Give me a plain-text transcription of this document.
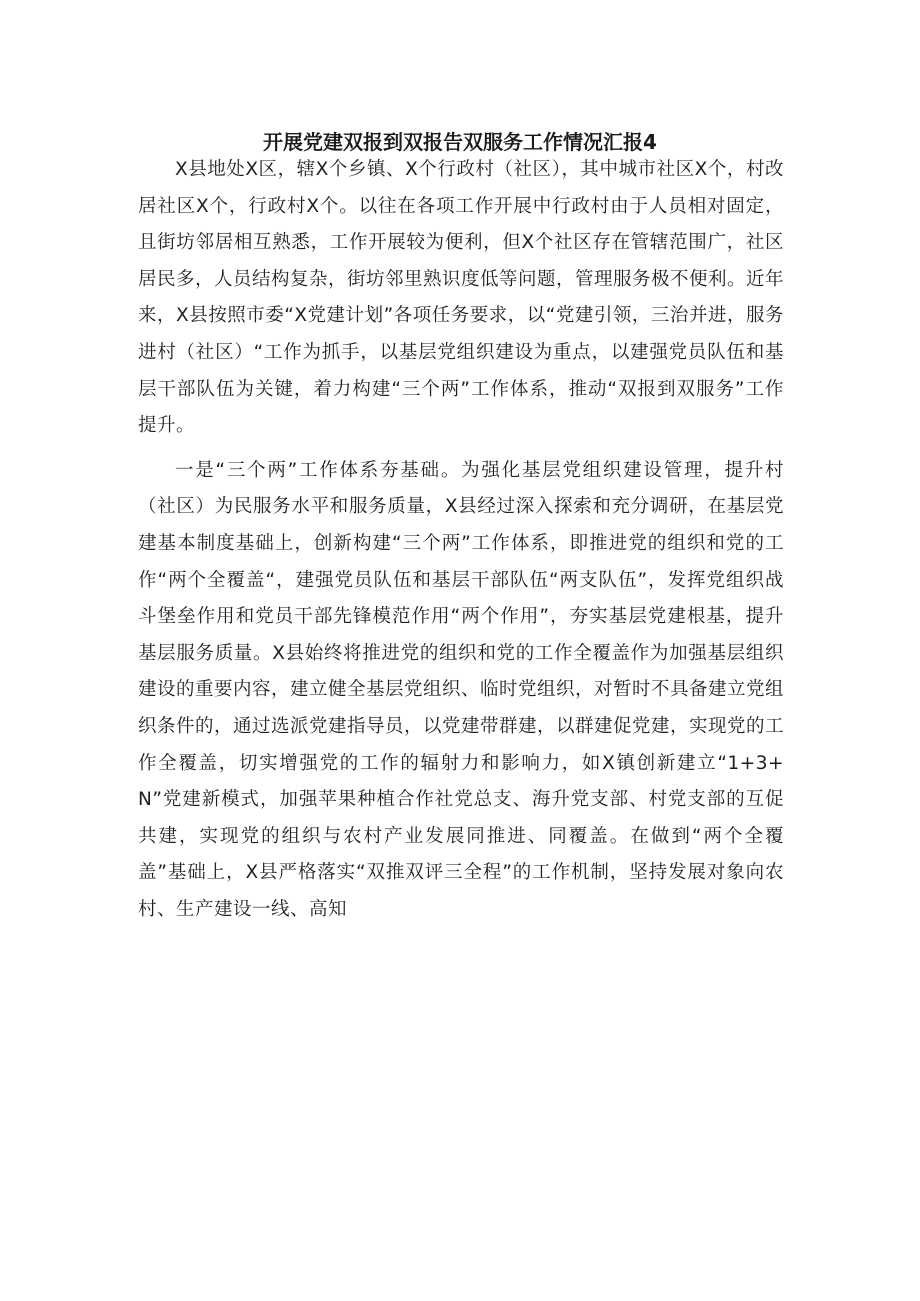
开展党建双报到双报告双服务工作情况汇报4

X县地处X区，辖X个乡镇、X个行政村（社区），其中城市社区X个，村改居社区X个，行政村X个。以往在各项工作开展中行政村由于人员相对固定，且街坊邻居相互熟悉，工作开展较为便利，但X个社区存在管辖范围广，社区居民多，人员结构复杂，街坊邻里熟识度低等问题，管理服务极不便利。近年来，X县按照市委“X党建计划”各项任务要求，以“党建引领，三治并进，服务进村（社区）“工作为抓手，以基层党组织建设为重点，以建强党员队伍和基层干部队伍为关键，着力构建“三个两”工作体系，推动“双报到双服务”工作提升。

一是“三个两”工作体系夯基础。为强化基层党组织建设管理，提升村（社区）为民服务水平和服务质量，X县经过深入探索和充分调研，在基层党建基本制度基础上，创新构建“三个两”工作体系，即推进党的组织和党的工作“两个全覆盖“，建强党员队伍和基层干部队伍“两支队伍”，发挥党组织战斗堡垒作用和党员干部先锋模范作用“两个作用”，夯实基层党建根基，提升基层服务质量。X县始终将推进党的组织和党的工作全覆盖作为加强基层组织建设的重要内容，建立健全基层党组织、临时党组织，对暂时不具备建立党组织条件的，通过选派党建指导员，以党建带群建，以群建促党建，实现党的工作全覆盖，切实增强党的工作的辐射力和影响力，如X镇创新建立“1+3+N”党建新模式，加强苹果种植合作社党总支、海升党支部、村党支部的互促共建，实现党的组织与农村产业发展同推进、同覆盖。在做到“两个全覆盖”基础上，X县严格落实“双推双评三全程”的工作机制，坚持发展对象向农村、生产建设一线、高知
